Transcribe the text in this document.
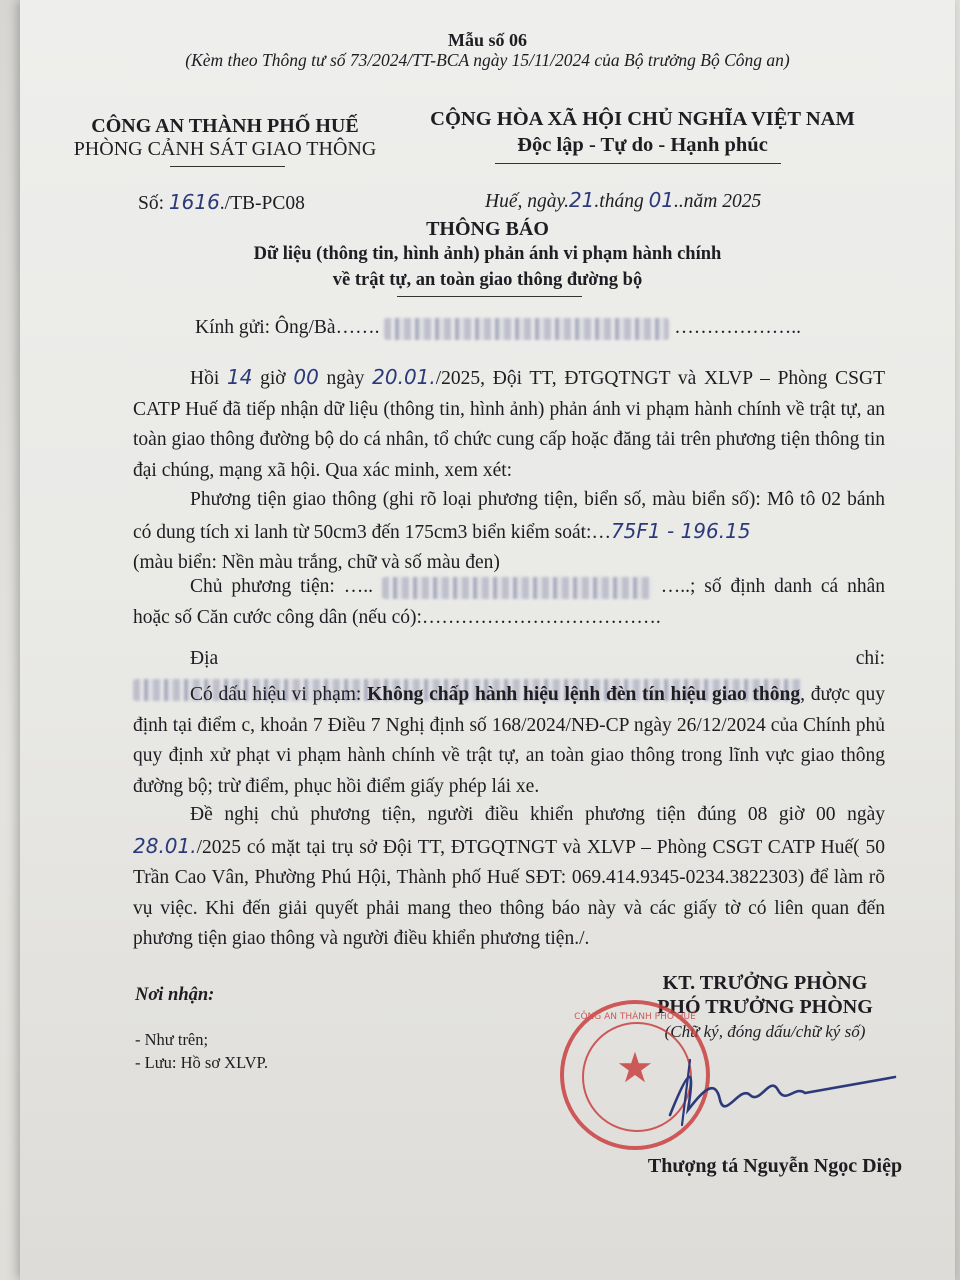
Mẫu số 06
(Kèm theo Thông tư số 73/2024/TT-BCA ngày 15/11/2024 của Bộ trưởng Bộ Công an)
CÔNG AN THÀNH PHỐ HUẾ
PHÒNG CẢNH SÁT GIAO THÔNG
CỘNG HÒA XÃ HỘI CHỦ NGHĨA VIỆT NAM
Độc lập - Tự do - Hạnh phúc
Số: 1616./TB-PC08	Huế, ngày.21.tháng 01..năm 2025
THÔNG BÁO
Dữ liệu (thông tin, hình ảnh) phản ánh vi phạm hành chính
về trật tự, an toàn giao thông đường bộ
Kính gửi: Ông/Bà…….	………………..

Hồi 14 giờ 00 ngày 20.01./2025, Đội TT, ĐTGQTNGT và XLVP – Phòng CSGT CATP Huế đã tiếp nhận dữ liệu (thông tin, hình ảnh) phản ánh vi phạm hành chính về trật tự, an toàn giao thông đường bộ do cá nhân, tổ chức cung cấp hoặc đăng tải trên phương tiện thông tin đại chúng, mạng xã hội. Qua xác minh, xem xét:

Phương tiện giao thông (ghi rõ loại phương tiện, biển số, màu biển số): Mô tô 02 bánh có dung tích xi lanh từ 50cm3 đến 175cm3 biển kiểm soát:…75F1 - 196.15

(màu biển: Nền màu trắng, chữ và số màu đen)

Chủ phương tiện: …..	…..; số định danh cá nhân hoặc số Căn cước công dân (nếu có):……………………………….

Địa chỉ:

Có dấu hiệu vi phạm: Không chấp hành hiệu lệnh đèn tín hiệu giao thông, được quy định tại điểm c, khoản 7 Điều 7 Nghị định số 168/2024/NĐ-CP ngày 26/12/2024 của Chính phủ quy định xử phạt vi phạm hành chính về trật tự, an toàn giao thông trong lĩnh vực giao thông đường bộ; trừ điểm, phục hồi điểm giấy phép lái xe.

Đề nghị chủ phương tiện, người điều khiển phương tiện đúng 08 giờ 00 ngày 28.01./2025 có mặt tại trụ sở Đội TT, ĐTGQTNGT và XLVP – Phòng CSGT CATP Huế( 50 Trần Cao Vân, Phường Phú Hội, Thành phố Huế SĐT: 069.414.9345-0234.3822303) để làm rõ vụ việc. Khi đến giải quyết phải mang theo thông báo này và các giấy tờ có liên quan đến phương tiện giao thông và người điều khiển phương tiện./.

Nơi nhận:
- Như trên;
- Lưu: Hồ sơ XLVP.
KT. TRƯỞNG PHÒNG
PHÓ TRƯỞNG PHÒNG
(Chữ ký, đóng dấu/chữ ký số)
CÔNG AN THÀNH PHỐ HUẾ
★
Thượng tá Nguyễn Ngọc Diệp
